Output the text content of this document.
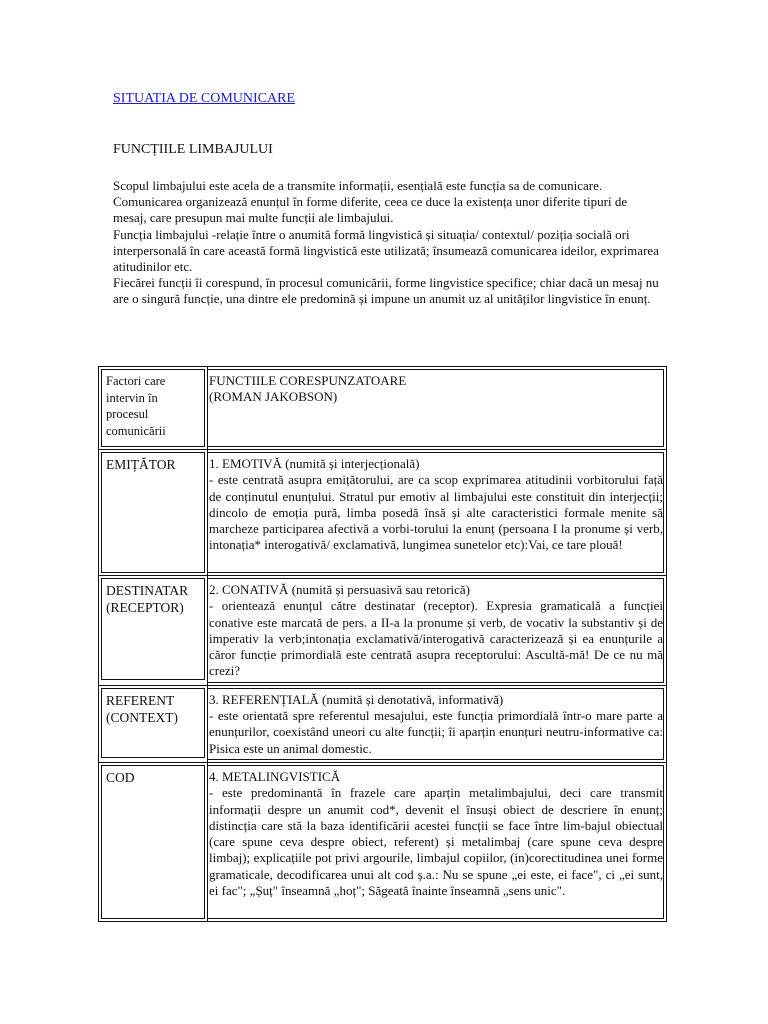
SITUATIA DE COMUNICARE
FUNCȚIILE LIMBAJULUI

Scopul limbajului este acela de a transmite informații, esențială este funcția sa de comunicare.

Comunicarea organizează enunțul în forme diferite, ceea ce duce la existența unor diferite tipuri de mesaj, care presupun mai multe funcții ale limbajului.

Funcția limbajului -relație între o anumită formă lingvistică și situația/ contextul/ poziția socială ori interpersonală în care această formă lingvistică este utilizată; însumează comunicarea ideilor, exprimarea atitudinilor etc.

Fiecărei funcții îi corespund, în procesul comunicării, forme lingvistice specifice; chiar dacă un mesaj nu are o singură funcție, una dintre ele predomină și impune un anumit uz al unităților lingvistice în enunț.

Factori care intervin în procesul comunicării	FUNCTIILE CORESPUNZATOARE
(ROMAN JAKOBSON)

EMIȚĂTOR	1. EMOTIVĂ (numită și interjecțională)
- este centrată asupra emițătorului, are ca scop exprimarea atitudinii vorbitorului față de conținutul enunțului. Stratul pur emotiv al limbajului este constituit din interjecții; dincolo de emoția pură, limba posedă însă și alte caracteristici formale menite să marcheze participarea afectivă a vorbi-torului la enunț (persoana I la pronume și verb, intonația* interogativă/ exclamativă, lungimea sunetelor etc):Vai, ce tare plouă!

DESTINATAR
(RECEPTOR)	2. CONATIVĂ (numită și persuasivă sau retorică)
- orientează enunțul către destinatar (receptor). Expresia gramaticală a funcției conative este marcată de pers. a II-a la pronume și verb, de vocativ la substantiv și de imperativ la verb;intonația exclamativă/interogativă caracterizează și ea enunțurile a căror funcție primordială este centrată asupra receptorului: Ascultă-mă! De ce nu mă crezi?

REFERENT
(CONTEXT)	3. REFERENȚIALĂ (numită și denotativă, informativă)
- este orientată spre referentul mesajului, este funcția primordială într-o mare parte a enunțurilor, coexistând uneori cu alte funcții; îi aparțin enunțuri neutru-informative ca: Pisica este un animal domestic.

COD	4. METALINGVISTICĂ
- este predominantă în frazele care aparțin metalimbajului, deci care transmit informații despre un anumit cod*, devenit el însuși obiect de descriere în enunț; distincția care stă la baza identificării acestei funcții se face între lim-bajul obiectual (care spune ceva despre obiect, referent) și metalimbaj (care spune ceva despre limbaj); explicațiile pot privi argourile, limbajul copiilor, (in)corectitudinea unei forme gramaticale, decodificarea unui alt cod ș.a.: Nu se spune „ei este, ei face", ci „ei sunt, ei fac"; „Șuț" înseamnă „hoț"; Săgeată înainte înseamnă „sens unic".
